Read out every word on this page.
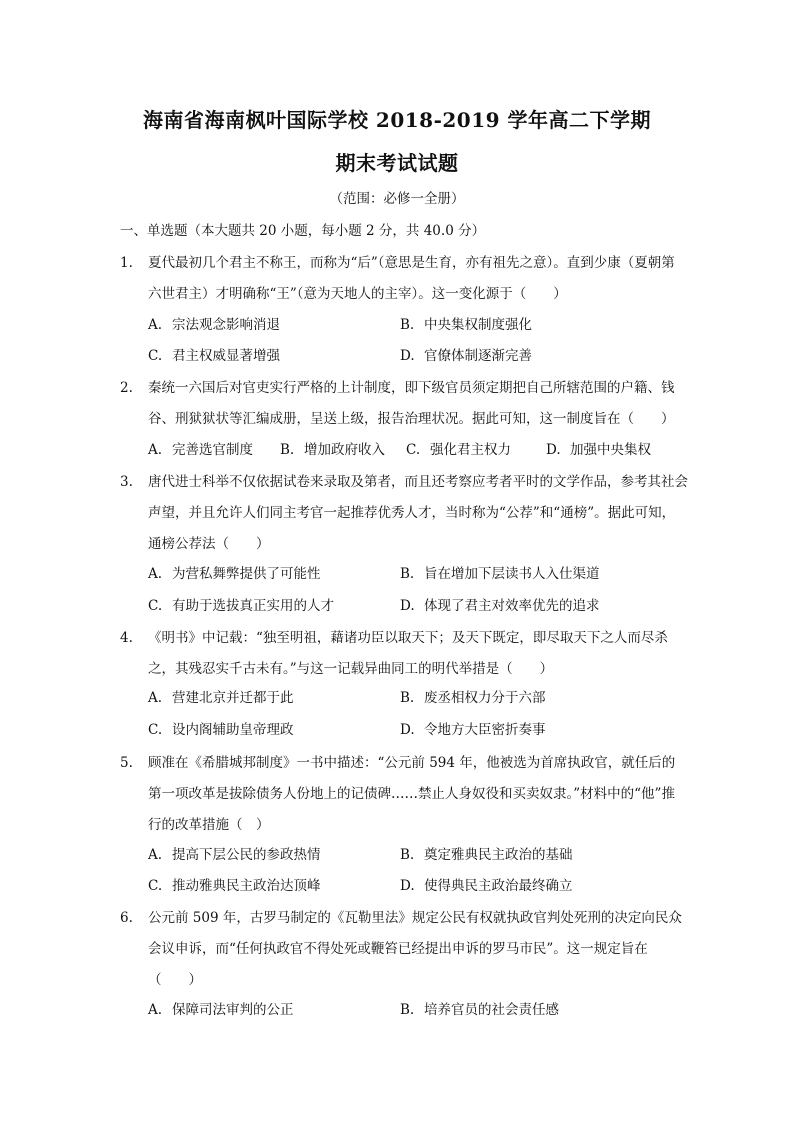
海南省海南枫叶国际学校 2018-2019 学年高二下学期
期末考试试题
（范围：必修一全册）
一、单选题（本大题共 20 小题，每小题 2 分，共 40.0 分）
1.	夏代最初几个君主不称王，而称为“后”（意思是生育，亦有祖先之意）。直到少康（夏朝第六世君主）才明确称“王”（意为天地人的主宰）。这一变化源于（　　）
A. 宗法观念影响消退	B. 中央集权制度强化
C. 君主权威显著增强	D. 官僚体制逐渐完善
2.	秦统一六国后对官吏实行严格的上计制度，即下级官员须定期把自己所辖范围的户籍、钱谷、刑狱狱状等汇编成册，呈送上级，报告治理状况。据此可知，这一制度旨在（　　）
A. 完善选官制度 B. 增加政府收入 C. 强化君主权力	D. 加强中央集权
3.	唐代进士科举不仅依据试卷来录取及第者，而且还考察应考者平时的文学作品，参考其社会声望，并且允许人们同主考官一起推荐优秀人才，当时称为“公荐”和“通榜”。据此可知，通榜公荐法（　　）
A. 为营私舞弊提供了可能性	B. 旨在增加下层读书人入仕渠道
C. 有助于选拔真正实用的人才	D. 体现了君主对效率优先的追求
4.	《明书》中记载：“独至明祖，藉诸功臣以取天下；及天下既定，即尽取天下之人而尽杀之，其残忍实千古未有。”与这一记载异曲同工的明代举措是（　　）
A. 营建北京并迁都于此	B. 废丞相权力分于六部
C. 设内阁辅助皇帝理政	D. 令地方大臣密折奏事
5.	顾准在《希腊城邦制度》一书中描述：“公元前 594 年，他被选为首席执政官，就任后的第一项改革是拔除债务人份地上的记债碑……禁止人身奴役和买卖奴隶。”材料中的“他”推行的改革措施（　）
A. 提高下层公民的参政热情	B. 奠定雅典民主政治的基础
C. 推动雅典民主政治达顶峰	D. 使得典民主政治最终确立
6.	公元前 509 年，古罗马制定的《瓦勒里法》规定公民有权就执政官判处死刑的决定向民众会议申诉，而“任何执政官不得处死或鞭笞已经提出申诉的罗马市民”。这一规定旨在（　　）
A. 保障司法审判的公正	B. 培养官员的社会责任感
